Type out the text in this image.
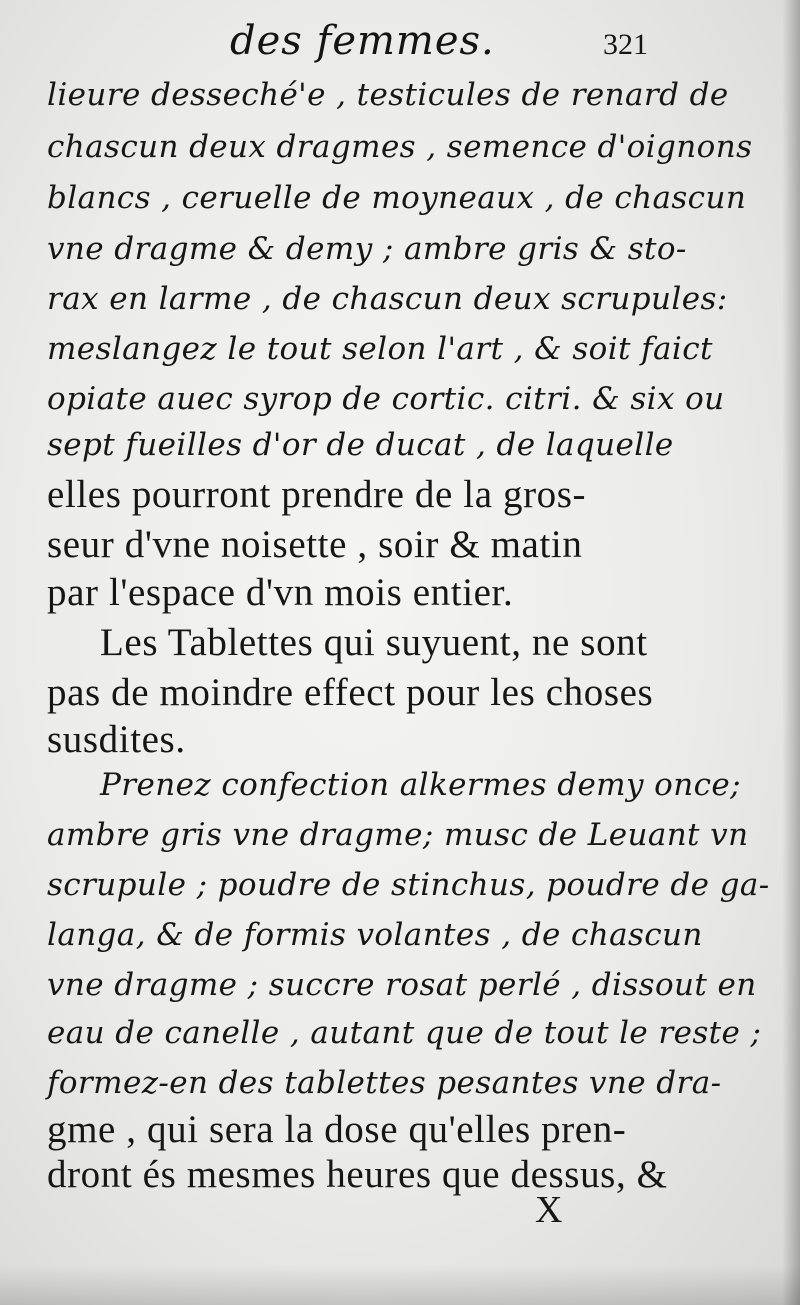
des femmes.	321
lieure desseché'e , testicules de renard de
chascun deux dragmes , semence d'oignons
blancs , ceruelle de moyneaux , de chascun
vne dragme & demy ; ambre gris & sto-
rax en larme , de chascun deux scrupules:
meslangez le tout selon l'art , & soit faict
opiate auec syrop de cortic. citri. & six ou
sept fueilles d'or de ducat , de laquelle
elles pourront prendre de la gros-
seur d'vne noisette , soir & matin
par l'espace d'vn mois entier.
Les Tablettes qui suyuent, ne sont
pas de moindre effect pour les choses
susdites.
Prenez confection alkermes demy once;
ambre gris vne dragme; musc de Leuant vn
scrupule ; poudre de stinchus, poudre de ga-
langa, & de formis volantes , de chascun
vne dragme ; succre rosat perlé , dissout en
eau de canelle , autant que de tout le reste ;
formez-en des tablettes pesantes vne dra-
gme , qui sera la dose qu'elles pren-
dront és mesmes heures que dessus, &
X
